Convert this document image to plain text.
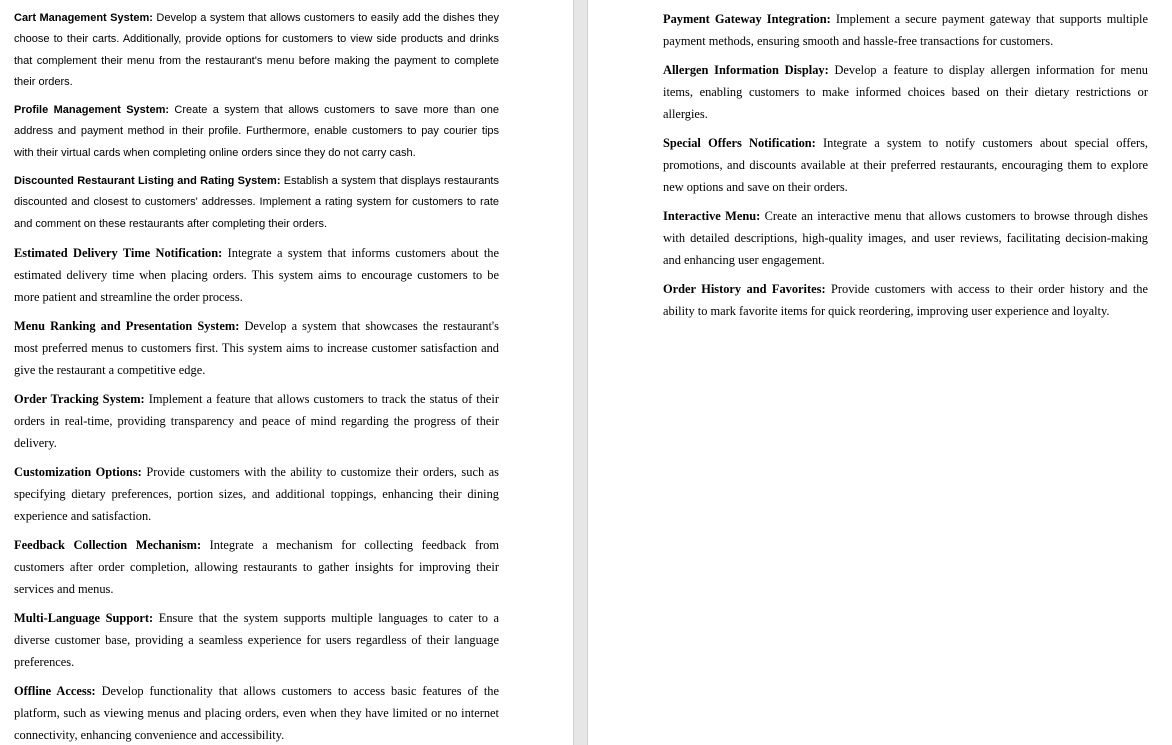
Cart Management System: Develop a system that allows customers to easily add the dishes they choose to their carts. Additionally, provide options for customers to view side products and drinks that complement their menu from the restaurant's menu before making the payment to complete their orders.

Profile Management System: Create a system that allows customers to save more than one address and payment method in their profile. Furthermore, enable customers to pay courier tips with their virtual cards when completing online orders since they do not carry cash.

Discounted Restaurant Listing and Rating System: Establish a system that displays restaurants discounted and closest to customers' addresses. Implement a rating system for customers to rate and comment on these restaurants after completing their orders.

Estimated Delivery Time Notification: Integrate a system that informs customers about the estimated delivery time when placing orders. This system aims to encourage customers to be more patient and streamline the order process.

Menu Ranking and Presentation System: Develop a system that showcases the restaurant's most preferred menus to customers first. This system aims to increase customer satisfaction and give the restaurant a competitive edge.

Order Tracking System: Implement a feature that allows customers to track the status of their orders in real-time, providing transparency and peace of mind regarding the progress of their delivery.

Customization Options: Provide customers with the ability to customize their orders, such as specifying dietary preferences, portion sizes, and additional toppings, enhancing their dining experience and satisfaction.

Feedback Collection Mechanism: Integrate a mechanism for collecting feedback from customers after order completion, allowing restaurants to gather insights for improving their services and menus.

Multi-Language Support: Ensure that the system supports multiple languages to cater to a diverse customer base, providing a seamless experience for users regardless of their language preferences.

Offline Access: Develop functionality that allows customers to access basic features of the platform, such as viewing menus and placing orders, even when they have limited or no internet connectivity, enhancing convenience and accessibility.

Payment Gateway Integration: Implement a secure payment gateway that supports multiple payment methods, ensuring smooth and hassle-free transactions for customers.

Allergen Information Display: Develop a feature to display allergen information for menu items, enabling customers to make informed choices based on their dietary restrictions or allergies.

Special Offers Notification: Integrate a system to notify customers about special offers, promotions, and discounts available at their preferred restaurants, encouraging them to explore new options and save on their orders.

Interactive Menu: Create an interactive menu that allows customers to browse through dishes with detailed descriptions, high-quality images, and user reviews, facilitating decision-making and enhancing user engagement.

Order History and Favorites: Provide customers with access to their order history and the ability to mark favorite items for quick reordering, improving user experience and loyalty.
